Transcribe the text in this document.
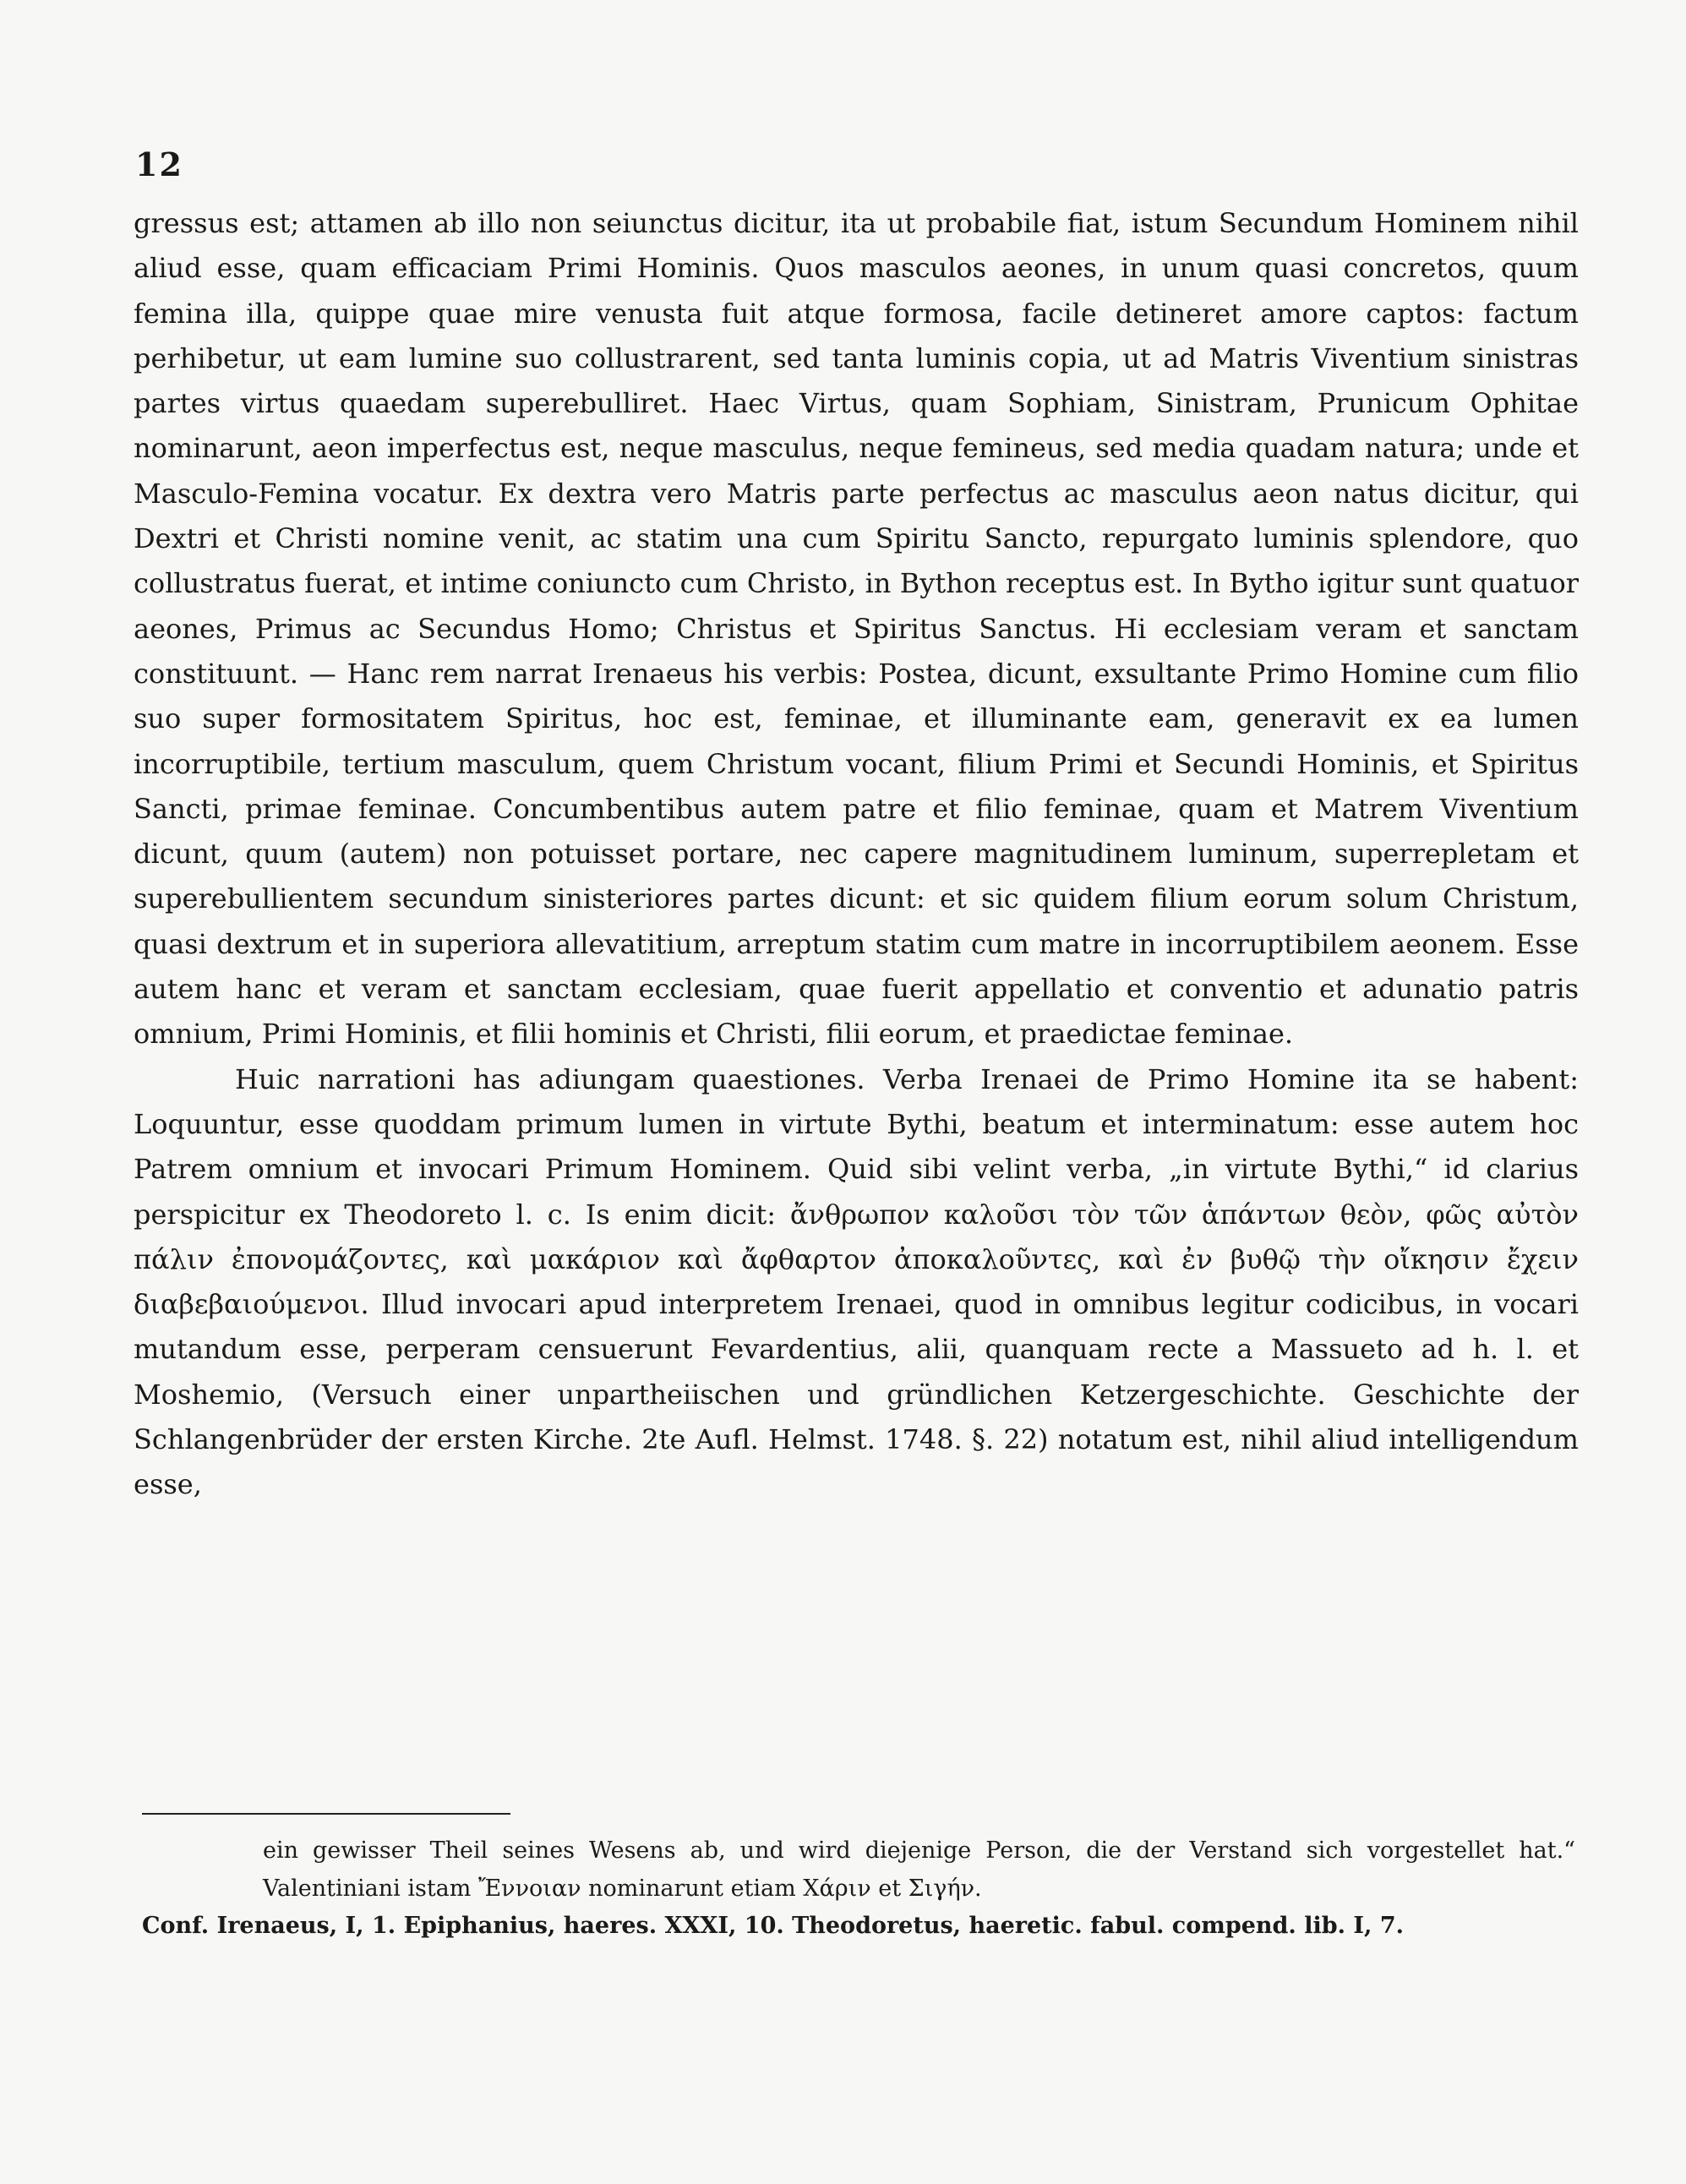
12

gressus est; attamen ab illo non seiunctus dicitur, ita ut probabile fiat, istum Secundum Hominem nihil aliud esse, quam efficaciam Primi Hominis. Quos masculos aeones, in unum quasi concretos, quum femina illa, quippe quae mire venusta fuit atque formosa, facile detineret amore captos: factum perhibetur, ut eam lumine suo collustrarent, sed tanta luminis copia, ut ad Matris Viventium sinistras partes virtus quaedam superebulliret. Haec Virtus, quam Sophiam, Sinistram, Prunicum Ophitae nominarunt, aeon imperfectus est, neque masculus, neque femineus, sed media quadam natura; unde et Masculo-Femina vocatur. Ex dextra vero Matris parte perfectus ac masculus aeon natus dicitur, qui Dextri et Christi nomine venit, ac statim una cum Spiritu Sancto, repurgato luminis splendore, quo collustratus fuerat, et intime coniuncto cum Christo, in Bython receptus est. In Bytho igitur sunt quatuor aeones, Primus ac Secundus Homo; Christus et Spiritus Sanctus. Hi ecclesiam veram et sanctam constituunt. — Hanc rem narrat Irenaeus his verbis: Postea, dicunt, exsultante Primo Homine cum filio suo super formositatem Spiritus, hoc est, feminae, et illuminante eam, generavit ex ea lumen incorruptibile, tertium masculum, quem Christum vocant, filium Primi et Secundi Hominis, et Spiritus Sancti, primae feminae. Concumbentibus autem patre et filio feminae, quam et Matrem Viventium dicunt, quum (autem) non potuisset portare, nec capere magnitudinem luminum, superrepletam et superebullientem secundum sinisteriores partes dicunt: et sic quidem filium eorum solum Christum, quasi dextrum et in superiora allevatitium, arreptum statim cum matre in incorruptibilem aeonem. Esse autem hanc et veram et sanctam ecclesiam, quae fuerit appellatio et conventio et adunatio patris omnium, Primi Hominis, et filii hominis et Christi, filii eorum, et praedictae feminae.

Huic narrationi has adiungam quaestiones. Verba Irenaei de Primo Homine ita se habent: Loquuntur, esse quoddam primum lumen in virtute Bythi, beatum et interminatum: esse autem hoc Patrem omnium et invocari Primum Hominem. Quid sibi velint verba, „in virtute Bythi,“ id clarius perspicitur ex Theodoreto l. c. Is enim dicit: ἄνθρωπον καλοῦσι τὸν τῶν ἁπάντων θεὸν, φῶς αὐτὸν πάλιν ἐπονομάζοντες, καὶ μακάριον καὶ ἄφθαρτον ἀποκαλοῦντες, καὶ ἐν βυθῷ τὴν οἴκησιν ἔχειν διαβεβαιούμενοι. Illud invocari apud interpretem Irenaei, quod in omnibus legitur codicibus, in vocari mutandum esse, perperam censuerunt Fevardentius, alii, quanquam recte a Massueto ad h. l. et Moshemio, (Versuch einer unpartheiischen und gründlichen Ketzergeschichte. Geschichte der Schlangenbrüder der ersten Kirche. 2te Aufl. Helmst. 1748. §. 22) notatum est, nihil aliud intelligendum esse,

ein gewisser Theil seines Wesens ab, und wird diejenige Person, die der Verstand sich vorgestellet hat.“ Valentiniani istam Ἔννοιαν nominarunt etiam Χάριν et Σιγήν.

Conf. Irenaeus, I, 1. Epiphanius, haeres. XXXI, 10. Theodoretus, haeretic. fabul. compend. lib. I, 7.
